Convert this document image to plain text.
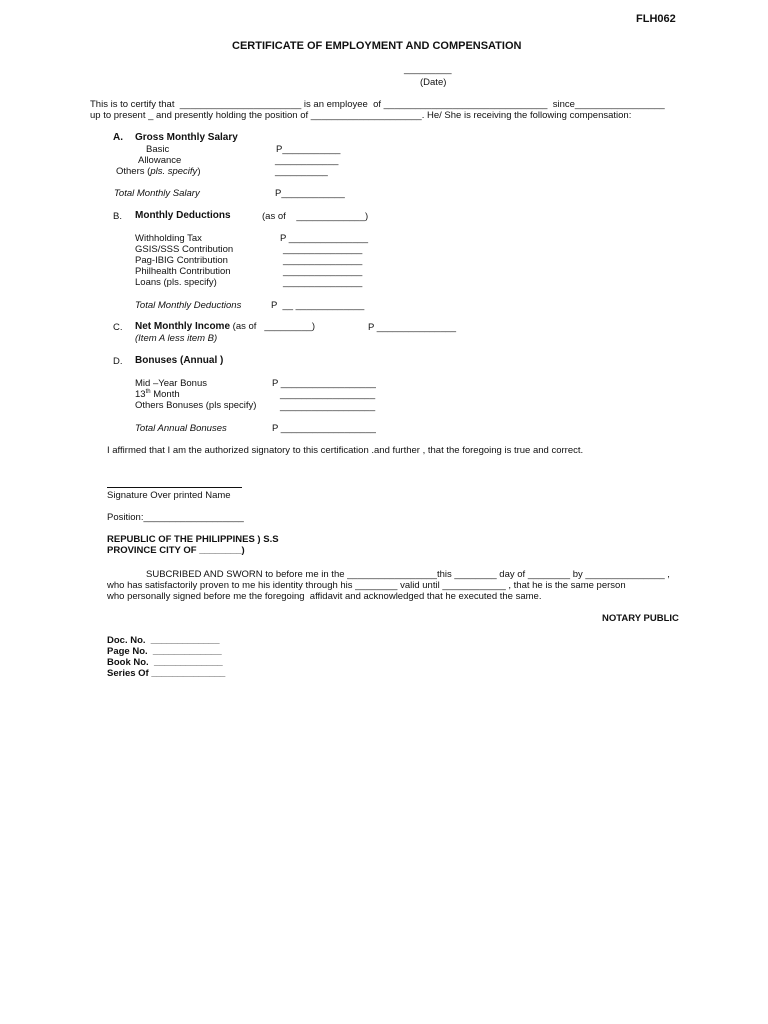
FLH062
CERTIFICATE OF EMPLOYMENT AND COMPENSATION
_________
(Date)
This is to certify that  _______________________ is an employee  of _______________________________  since_________________
up to present _ and presently holding the position of _____________________. He/ She is receiving the following compensation:
A. Gross Monthly Salary
Basic	P___________
Allowance	____________
Others (pls. specify)	__________
Total Monthly Salary	P____________
B. Monthly Deductions	(as of    _____________)
Withholding Tax	P _______________
GSIS/SSS Contribution	_______________
Pag-IBIG Contribution	_______________
Philhealth Contribution	_______________
Loans (pls. specify)	_______________
Total Monthly Deductions	P  __ _____________
C. Net Monthly Income (as of   _________)	P _______________
(Item A less item B)
D. Bonuses (Annual )
Mid –Year Bonus	P __________________
13th Month	__________________
Others Bonuses (pls specify) __________________
Total Annual Bonuses	P __________________
I affirmed that I am the authorized signatory to this certification .and further , that the foregoing is true and correct.
Signature Over printed Name
Position:___________________
REPUBLIC OF THE PHILIPPINES ) S.S
PROVINCE CITY OF ________)
SUBCRIBED AND SWORN to before me in the _________________this ________ day of ________ by _______________ ,
who has satisfactorily proven to me his identity through his ________ valid until ____________ , that he is the same person
who personally signed before me the foregoing  affidavit and acknowledged that he executed the same.
NOTARY PUBLIC
Doc. No.  _____________
Page No.  _____________
Book No.  _____________
Series Of ______________
